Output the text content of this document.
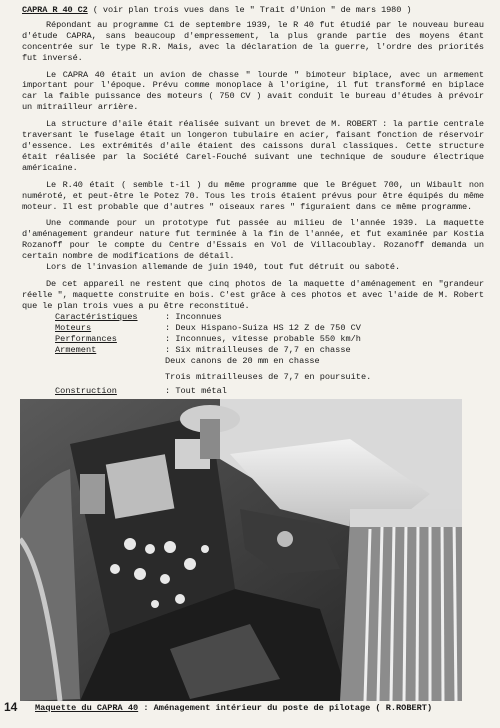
CAPRA R 40 C2 ( voir plan trois vues dans le " Trait d'Union " de mars 1980 )

Répondant au programme C1 de septembre 1939, le R 40 fut étudié par le nouveau bureau d'étude CAPRA, sans beaucoup d'empressement, la plus grande partie des moyens étant concentrée sur le type R.R. Mais, avec la déclaration de la guerre, l'ordre des priorités fut inversé.

Le CAPRA 40 était un avion de chasse " lourde " bimoteur biplace, avec un armement important pour l'époque. Prévu comme monoplace à l'origine, il fut transformé en biplace car la faible puissance des moteurs ( 750 CV ) avait conduit le bureau d'études à prévoir un mitrailleur arrière.

La structure d'aile était réalisée suivant un brevet de M. ROBERT : la partie centrale traversant le fuselage était un longeron tubulaire en acier, faisant fonction de réservoir d'essence. Les extrémités d'aile étaient des caissons dural classiques. Cette structure était réalisée par la Société Carel-Fouché suivant une technique de soudure électrique américaine.

Le R.40 était ( semble t-il ) du même programme que le Bréguet 700, un Wibault non numéroté, et peut-être le Potez 70. Tous les trois étaient prévus pour être équipés du même moteur. Il est probable que d'autres " oiseaux rares " figuraient dans ce même programme.

Une commande pour un prototype fut passée au milieu de l'année 1939. La maquette d'aménagement grandeur nature fut terminée à la fin de l'année, et fut examinée par Kostia Rozanoff pour le compte du Centre d'Essais en Vol de Villacoublay. Rozanoff demanda un certain nombre de modifications de détail.

Lors de l'invasion allemande de juin 1940, tout fut détruit ou saboté.

De cet appareil ne restent que cinq photos de la maquette d'aménagement en "grandeur réelle ", maquette construite en bois. C'est grâce à ces photos et avec l'aide de M. Robert que le plan trois vues a pu être reconstitué.

Caractéristiques	: Inconnues
Moteurs	: Deux Hispano-Suiza HS 12 Z de 750 CV
Performances	: Inconnues, vitesse probable 550 km/h
Armement	: Six mitrailleuses de 7,7 en chasse
Deux canons de 20 mm en chasse
Trois mitrailleuses de 7,7 en poursuite.
Construction	: Tout métal
14 Maquette du CAPRA 40 : Aménagement intérieur du poste de pilotage ( R.ROBERT)
